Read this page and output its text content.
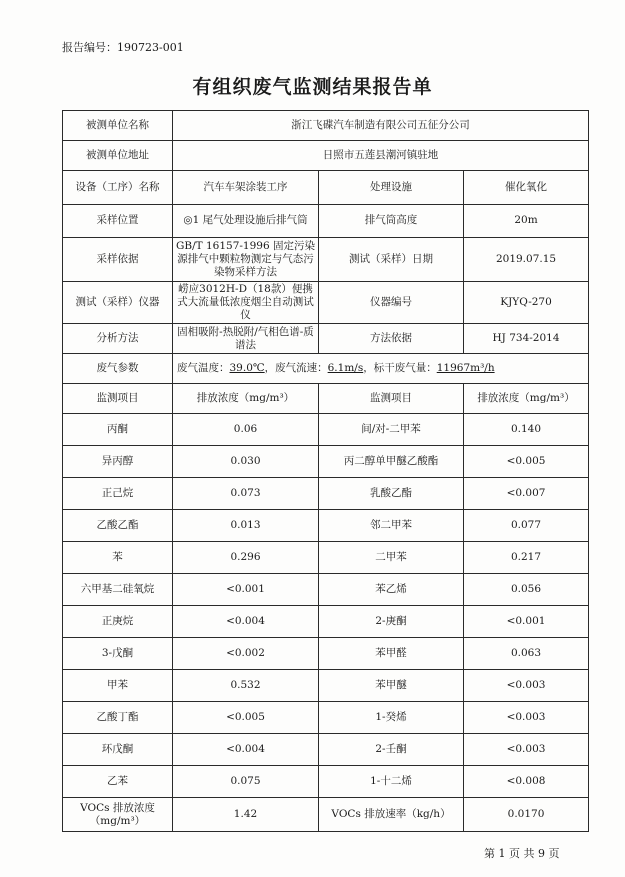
报告编号：190723-001
有组织废气监测结果报告单
被测单位名称	浙江飞碟汽车制造有限公司五征分公司		
被测单位地址	日照市五莲县潮河镇驻地		
设备（工序）名称	汽车车架涂装工序	处理设施	催化氧化
采样位置	◎1 尾气处理设施后排气筒	排气筒高度	20m
采样依据	GB/T 16157-1996 固定污染源排气中颗粒物测定与气态污染物采样方法	测试（采样）日期	2019.07.15
测试（采样）仪器	崂应3012H-D（18款）便携式大流量低浓度烟尘自动测试仪	仪器编号	KJYQ-270
分析方法	固相吸附-热脱附/气相色谱-质谱法	方法依据	HJ 734-2014
废气参数	废气温度：39.0℃，废气流速：6.1m/s，标干废气量：11967m³/h		
监测项目	排放浓度（mg/m³）	监测项目	排放浓度（mg/m³）
丙酮	0.06	间/对-二甲苯	0.140
异丙醇	0.030	丙二醇单甲醚乙酸酯	<0.005
正己烷	0.073	乳酸乙酯	<0.007
乙酸乙酯	0.013	邻二甲苯	0.077
苯	0.296	二甲苯	0.217
六甲基二硅氧烷	<0.001	苯乙烯	0.056
正庚烷	<0.004	2-庚酮	<0.001
3-戊酮	<0.002	苯甲醛	0.063
甲苯	0.532	苯甲醚	<0.003
乙酸丁酯	<0.005	1-癸烯	<0.003
环戊酮	<0.004	2-壬酮	<0.003
乙苯	0.075	1-十二烯	<0.008
VOCs 排放浓度（mg/m³）	1.42	VOCs 排放速率（kg/h）	0.0170
第 1 页 共 9 页
